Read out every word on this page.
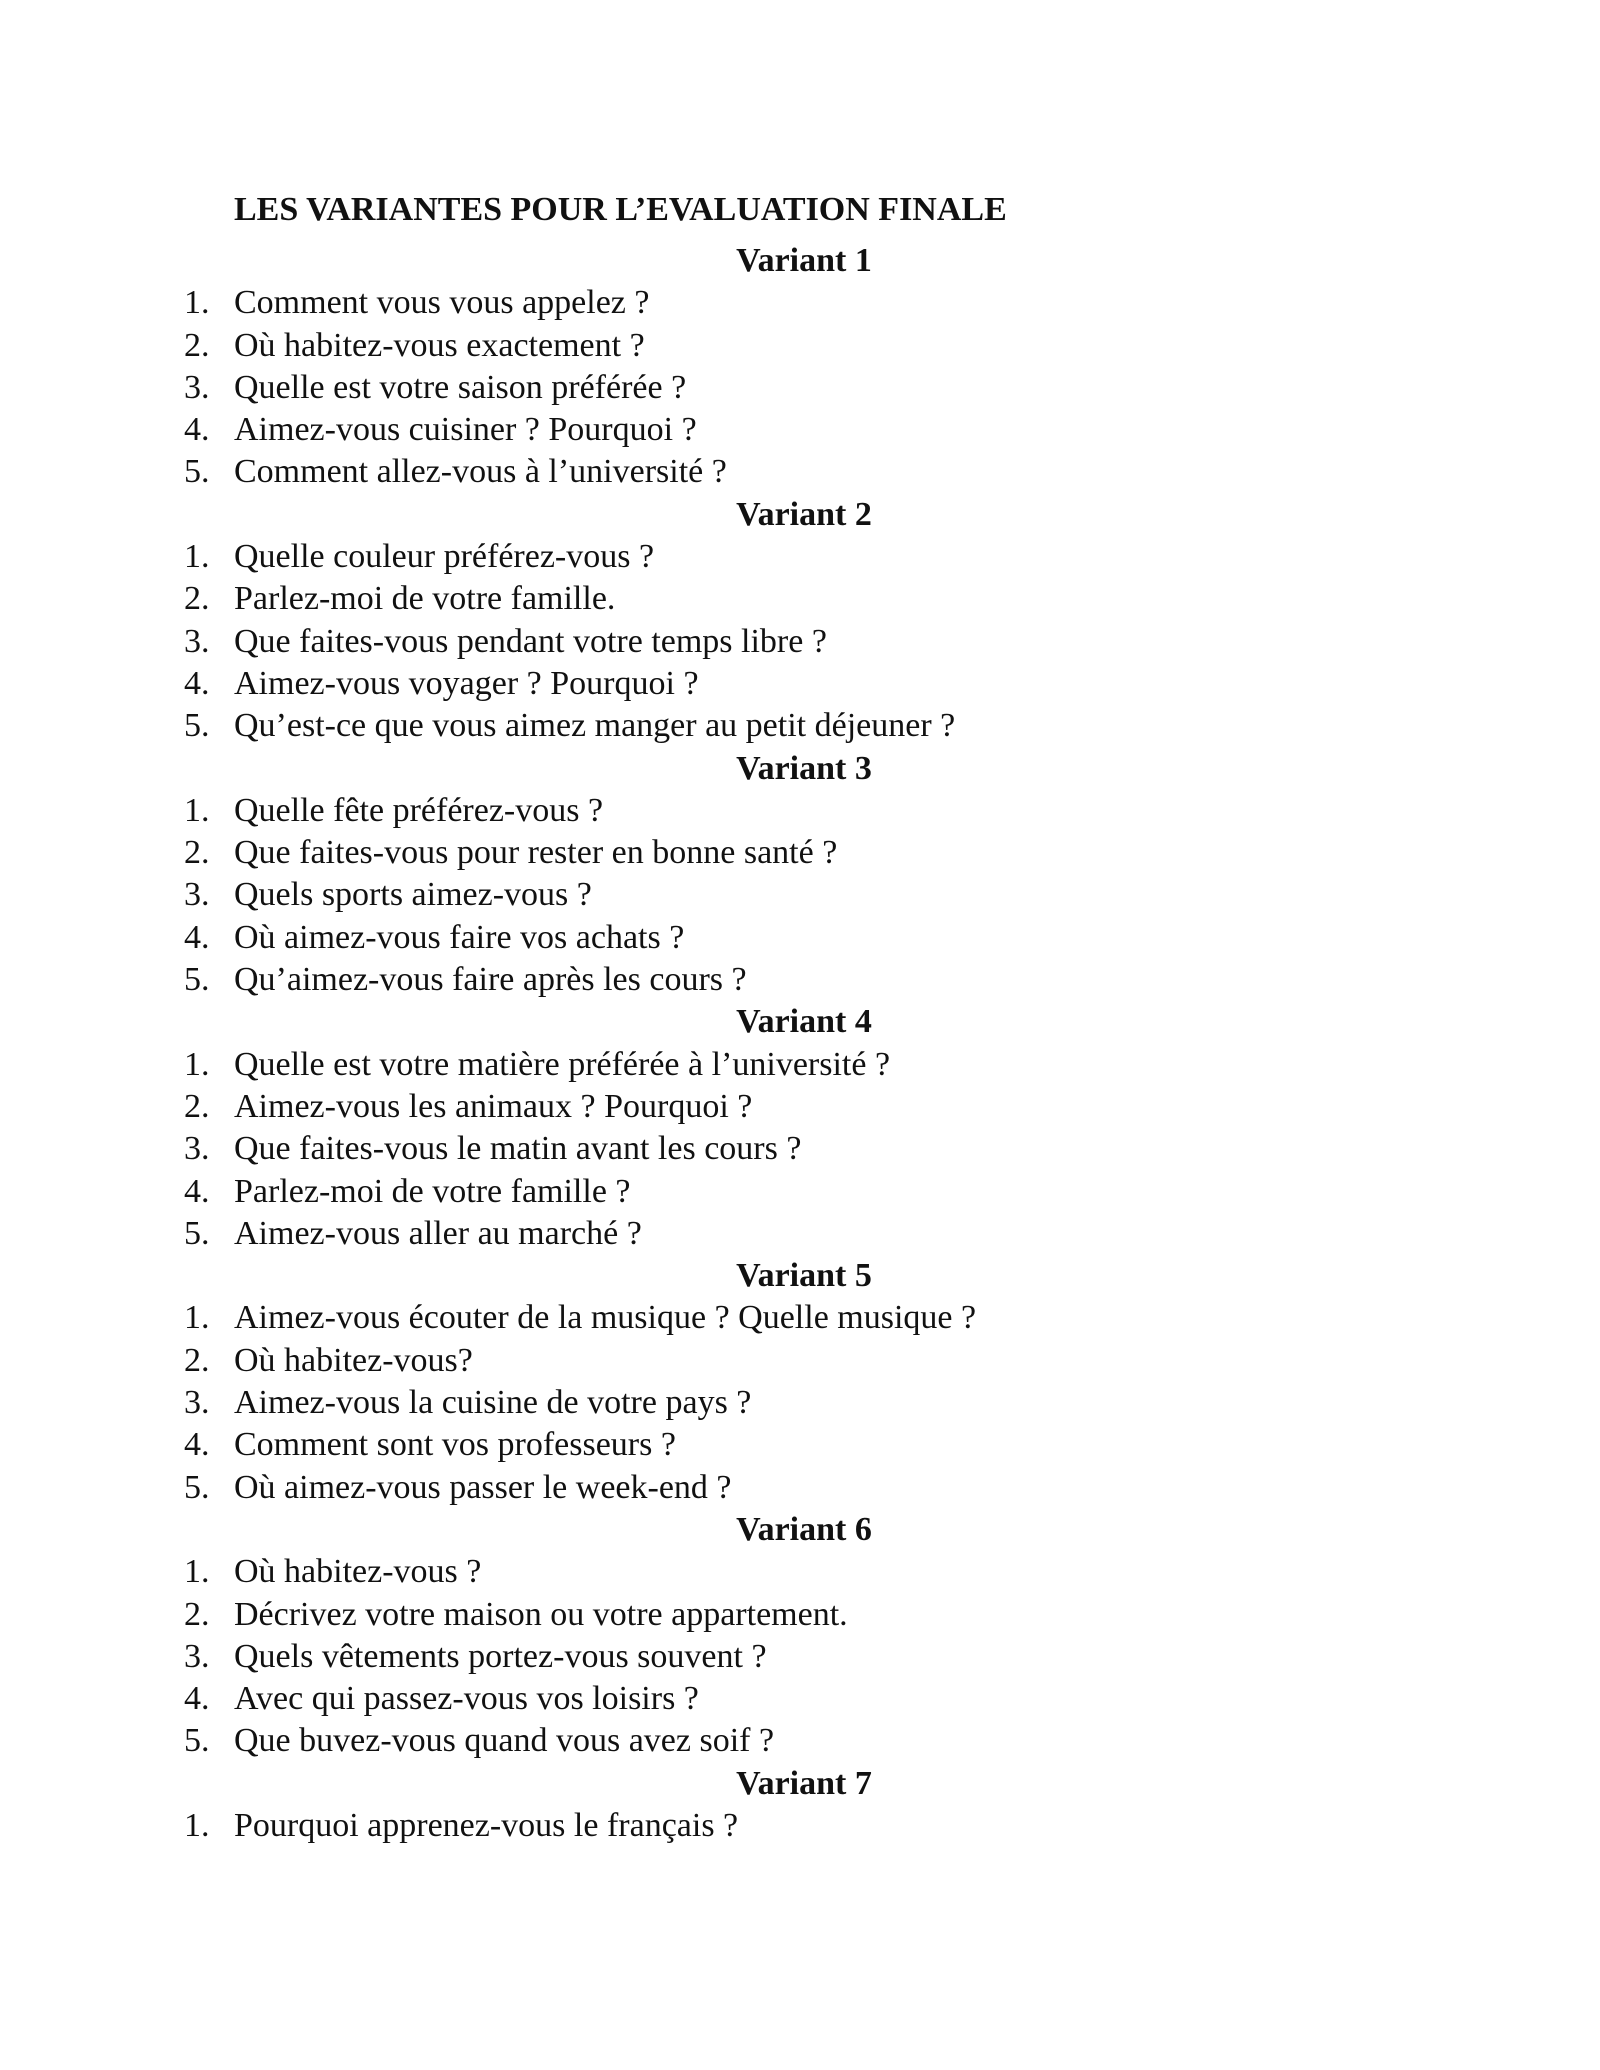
LES VARIANTES POUR L’EVALUATION FINALE
Variant 1
1. Comment vous vous appelez ?
2. Où habitez-vous exactement ?
3. Quelle est votre saison préférée ?
4. Aimez-vous cuisiner ? Pourquoi ?
5. Comment allez-vous à l’université ?
Variant 2
1. Quelle couleur préférez-vous ?
2. Parlez-moi de votre famille.
3. Que faites-vous pendant votre temps libre ?
4. Aimez-vous voyager ? Pourquoi ?
5. Qu’est-ce que vous aimez manger au petit déjeuner ?
Variant 3
1. Quelle fête préférez-vous ?
2. Que faites-vous pour rester en bonne santé ?
3. Quels sports aimez-vous ?
4. Où aimez-vous faire vos achats ?
5. Qu’aimez-vous faire après les cours ?
Variant 4
1. Quelle est votre matière préférée à l’université ?
2. Aimez-vous les animaux ? Pourquoi ?
3. Que faites-vous le matin avant les cours ?
4. Parlez-moi de votre famille ?
5. Aimez-vous aller au marché ?
Variant 5
1. Aimez-vous écouter de la musique ? Quelle musique ?
2. Où habitez-vous?
3. Aimez-vous la cuisine de votre pays ?
4. Comment sont vos professeurs ?
5. Où aimez-vous passer le week-end ?
Variant 6
1. Où habitez-vous ?
2. Décrivez votre maison ou votre appartement.
3. Quels vêtements portez-vous souvent ?
4. Avec qui passez-vous vos loisirs ?
5. Que buvez-vous quand vous avez soif ?
Variant 7
1. Pourquoi apprenez-vous le français ?
